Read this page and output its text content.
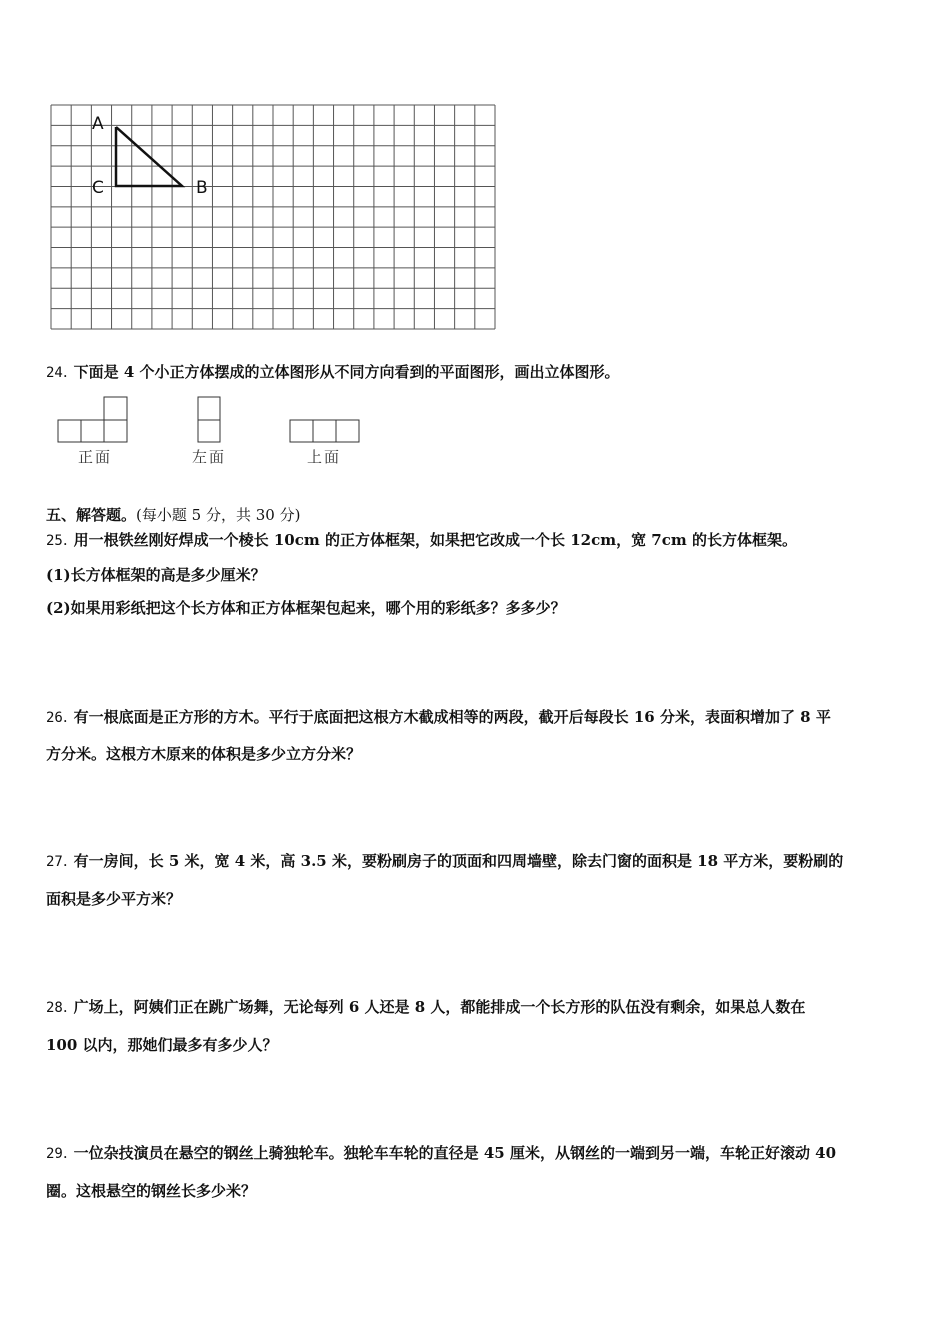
A
C	B
24. 下面是 4 个小正方体摆成的立体图形从不同方向看到的平面图形，画出立体图形。
正面	左面	上面
五、解答题。(每小题 5 分，共 30 分)
25. 用一根铁丝刚好焊成一个棱长 10cm 的正方体框架，如果把它改成一个长 12cm，宽 7cm 的长方体框架。
(1)长方体框架的高是多少厘米？
(2)如果用彩纸把这个长方体和正方体框架包起来，哪个用的彩纸多？多多少？
26. 有一根底面是正方形的方木。平行于底面把这根方木截成相等的两段，截开后每段长 16 分米，表面积增加了 8 平
方分米。这根方木原来的体积是多少立方分米？
27. 有一房间，长 5 米，宽 4 米，高 3.5 米，要粉刷房子的顶面和四周墙壁，除去门窗的面积是 18 平方米，要粉刷的
面积是多少平方米？
28. 广场上，阿姨们正在跳广场舞，无论每列 6 人还是 8 人，都能排成一个长方形的队伍没有剩余，如果总人数在
100 以内，那她们最多有多少人？
29. 一位杂技演员在悬空的钢丝上骑独轮车。独轮车车轮的直径是 45 厘米，从钢丝的一端到另一端，车轮正好滚动 40
圈。这根悬空的钢丝长多少米？
